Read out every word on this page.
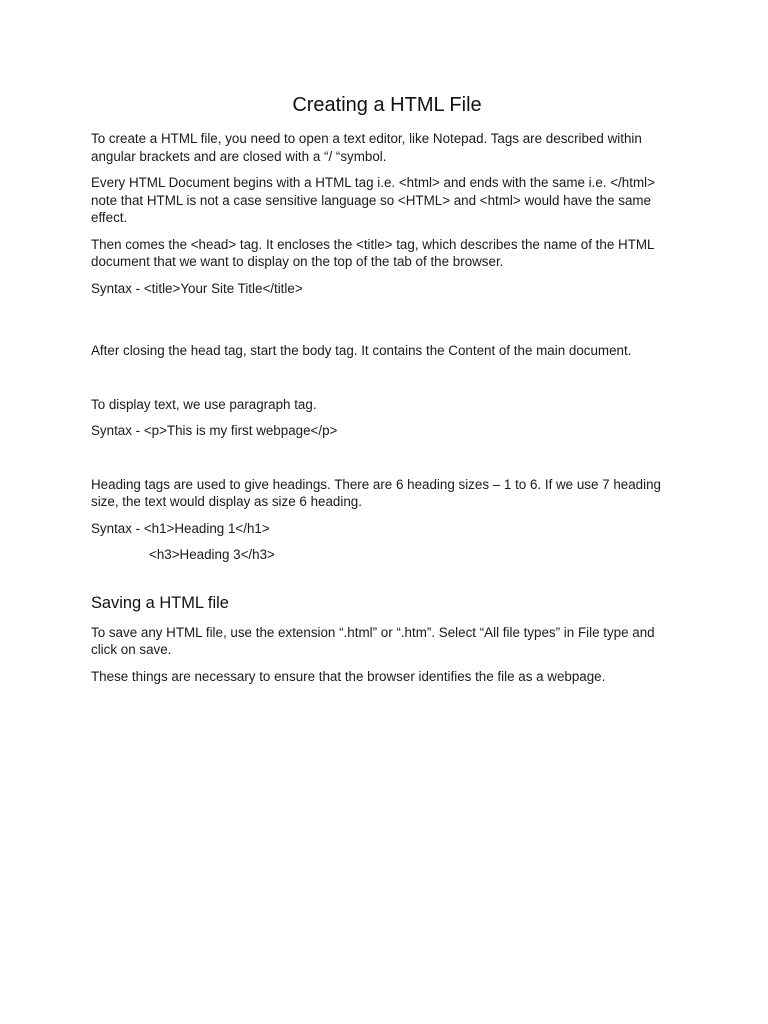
Creating a HTML File

To create a HTML file, you need to open a text editor, like Notepad. Tags are described within angular brackets and are closed with a “/ “symbol.

Every HTML Document begins with a HTML tag i.e. <html> and ends with the same i.e. </html> note that HTML is not a case sensitive language so <HTML> and <html> would have the same effect.

Then comes the <head> tag. It encloses the <title> tag, which describes the name of the HTML document that we want to display on the top of the tab of the browser.

Syntax - <title>Your Site Title</title>

After closing the head tag, start the body tag. It contains the Content of the main document.

To display text, we use paragraph tag.

Syntax - <p>This is my first webpage</p>

Heading tags are used to give headings. There are 6 heading sizes – 1 to 6. If we use 7 heading size, the text would display as size 6 heading.

Syntax - <h1>Heading 1</h1>

<h3>Heading 3</h3>

Saving a HTML file

To save any HTML file, use the extension “.html” or “.htm”. Select “All file types” in File type and click on save.

These things are necessary to ensure that the browser identifies the file as a webpage.
